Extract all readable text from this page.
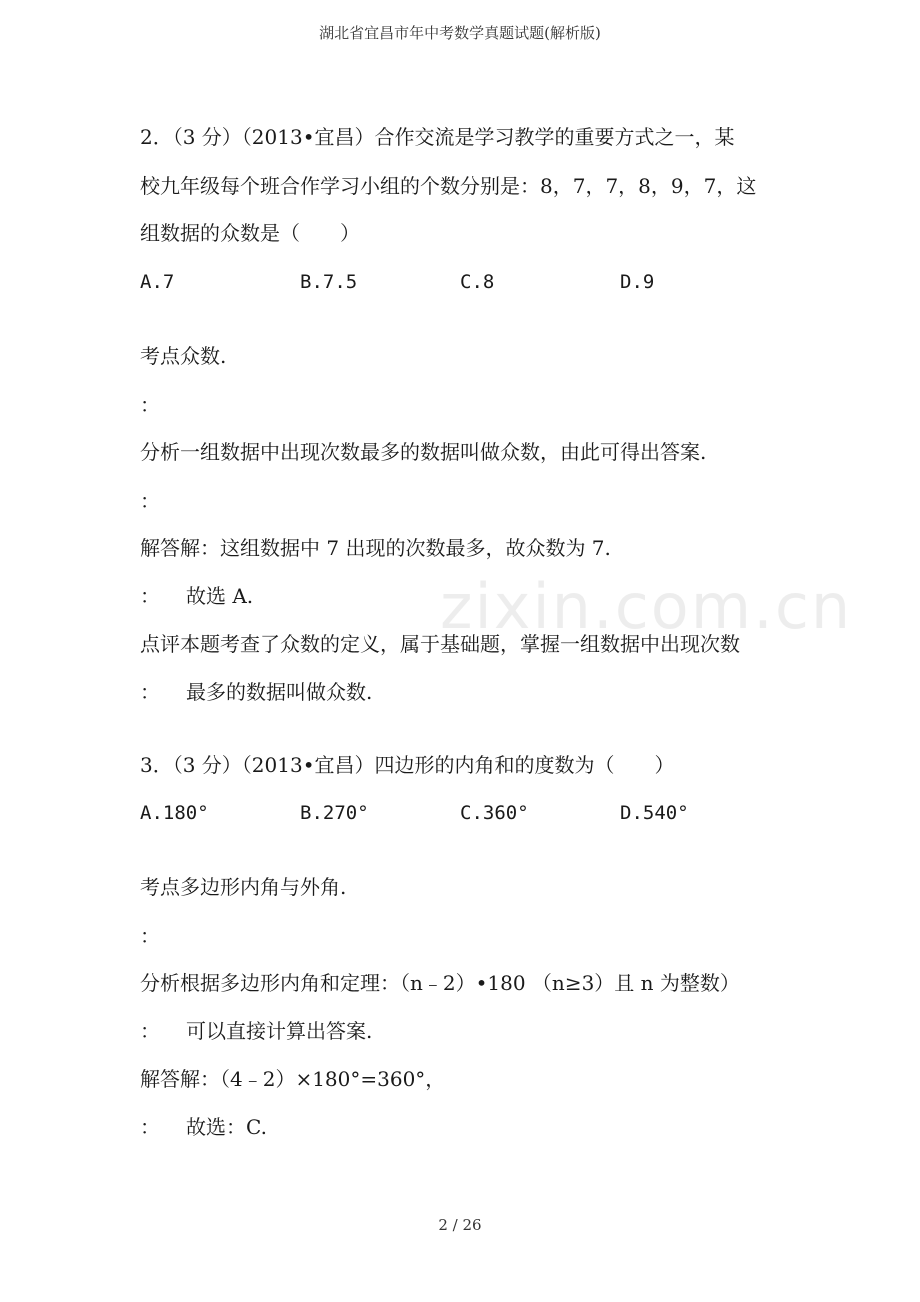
湖北省宜昌市年中考数学真题试题(解析版)
zixin.com.cn
2．（3 分）（2013•宜昌）合作交流是学习教学的重要方式之一，某
校九年级每个班合作学习小组的个数分别是：8，7，7，8，9，7，这
组数据的众数是（　　）
A.7	B.7.5	C.8	D.9
考点众数.
：
分析一组数据中出现次数最多的数据叫做众数，由此可得出答案.
：
解答解：这组数据中 7 出现的次数最多，故众数为 7.
： 故选 A.
点评本题考查了众数的定义，属于基础题，掌握一组数据中出现次数
： 最多的数据叫做众数.
3．（3 分）（2013•宜昌）四边形的内角和的度数为（　　）
A.180°	B.270°	C.360°	D.540°
考点多边形内角与外角.
：
分析根据多边形内角和定理：（n﹣2）•180 （n≥3）且 n 为整数）
： 可以直接计算出答案.
解答解：（4﹣2）×180°=360°，
： 故选：C.
2 / 26
